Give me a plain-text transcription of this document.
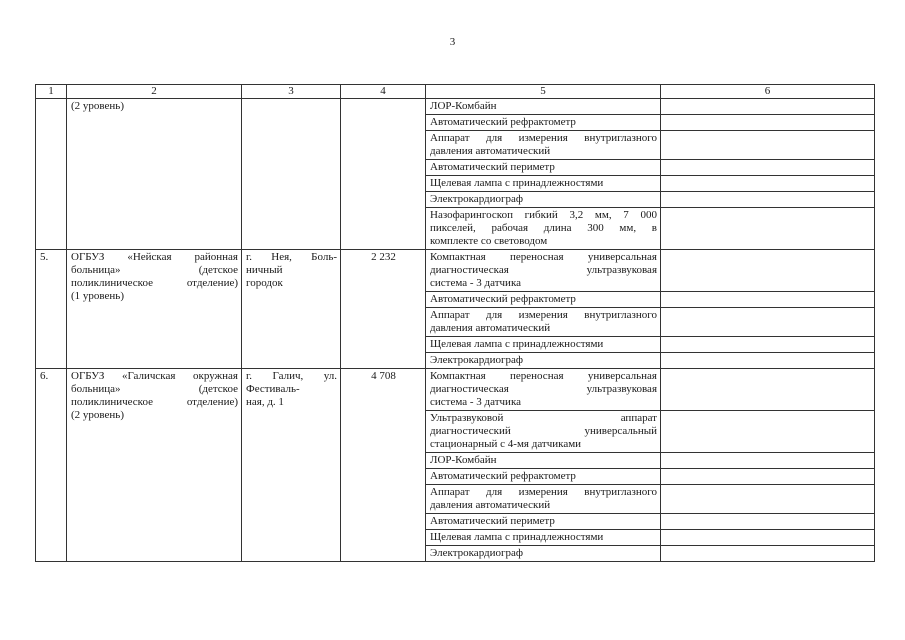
3
1	2	3	4	5	6

	(2 уровень)			ЛОР-Комбайн	

				Автоматический рефрактометр	

				Аппарат для измерения внутриглазного
давления автоматический	

				Автоматический периметр	

				Щелевая лампа с принадлежностями	

				Электрокардиограф	

				Назофарингоскоп гибкий 3,2 мм, 7 000
пикселей, рабочая длина 300 мм, в
комплекте со световодом	

5.	ОГБУЗ «Нейская районная
больница» (детское
поликлиническое отделение)
(1 уровень)	г. Нея, Боль-
ничный
городок	2 232	Компактная переносная универсальная
диагностическая ультразвуковая
система - 3 датчика	

				Автоматический рефрактометр	

				Аппарат для измерения внутриглазного
давления автоматический	

				Щелевая лампа с принадлежностями	

				Электрокардиограф	

6.	ОГБУЗ «Галичская окружная
больница» (детское
поликлиническое отделение)
(2 уровень)	г. Галич, ул.
Фестиваль-
ная, д. 1	4 708	Компактная переносная универсальная
диагностическая ультразвуковая
система - 3 датчика	

				Ультразвуковой аппарат
диагностический универсальный
стационарный с 4-мя датчиками	

				ЛОР-Комбайн	

				Автоматический рефрактометр	

				Аппарат для измерения внутриглазного
давления автоматический	

				Автоматический периметр	

				Щелевая лампа с принадлежностями	

				Электрокардиограф	
